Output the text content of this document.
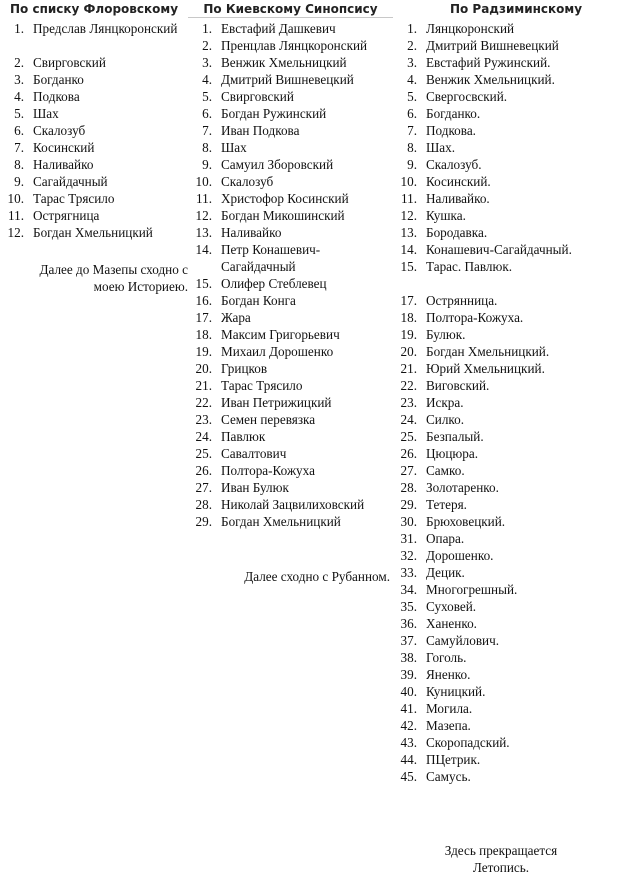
По списку Флоровскому	По Киевскому Синопсису	По Радзиминскому
1. Предслав Лянцкоронский
2. Свирговский
3. Богданко
4. Подкова
5. Шах
6. Скалозуб
7. Косинский
8. Наливайко
9. Сагайдачный
10. Тарас Трясило
11. Острягница
12. Богдан Хмельницкий
Далее до Мазепы сходно с моею Историею.
1. Евстафий Дашкевич
2. Пренцлав Лянцкоронский
3. Венжик Хмельницкий
4. Дмитрий Вишневецкий
5. Свирговский
6. Богдан Ружинский
7. Иван Подкова
8. Шах
9. Самуил Зборовский
10. Скалозуб
11. Христофор Косинский
12. Богдан Микошинский
13. Наливайко
14. Петр Конашевич-Сагайдачный
15. Олифер Стеблевец
16. Богдан Конга
17. Жара
18. Максим Григорьевич
19. Михаил Дорошенко
20. Грицков
21. Тарас Трясило
22. Иван Петрижицкий
23. Семен перевязка
24. Павлюк
25. Савалтович
26. Полтора-Кожуха
27. Иван Булюк
28. Николай Зацвилиховский
29. Богдан Хмельницкий
Далее сходно с Рубанном.
1. Лянцкоронский
2. Дмитрий Вишневецкий
3. Евстафий Ружинский.
4. Венжик Хмельницкий.
5. Свергосвский.
6. Богданко.
7. Подкова.
8. Шах.
9. Скалозуб.
10. Косинский.
11. Наливайко.
12. Кушка.
13. Бородавка.
14. Конашевич-Сагайдачный.
15. Тарас. Павлюк.
17. Острянница.
18. Полтора-Кожуха.
19. Булюк.
20. Богдан Хмельницкий.
21. Юрий Хмельницкий.
22. Виговский.
23. Искра.
24. Силко.
25. Безпалый.
26. Цюцюра.
27. Самко.
28. Золотаренко.
29. Тетеря.
30. Брюховецкий.
31. Опара.
32. Дорошенко.
33. Децик.
34. Многогрешный.
35. Суховей.
36. Ханенко.
37. Самуйлович.
38. Гоголь.
39. Яненко.
40. Куницкий.
41. Могила.
42. Мазепа.
43. Скоропадский.
44. ПЦетрик.
45. Самусь.
Здесь прекращается Летопись.
